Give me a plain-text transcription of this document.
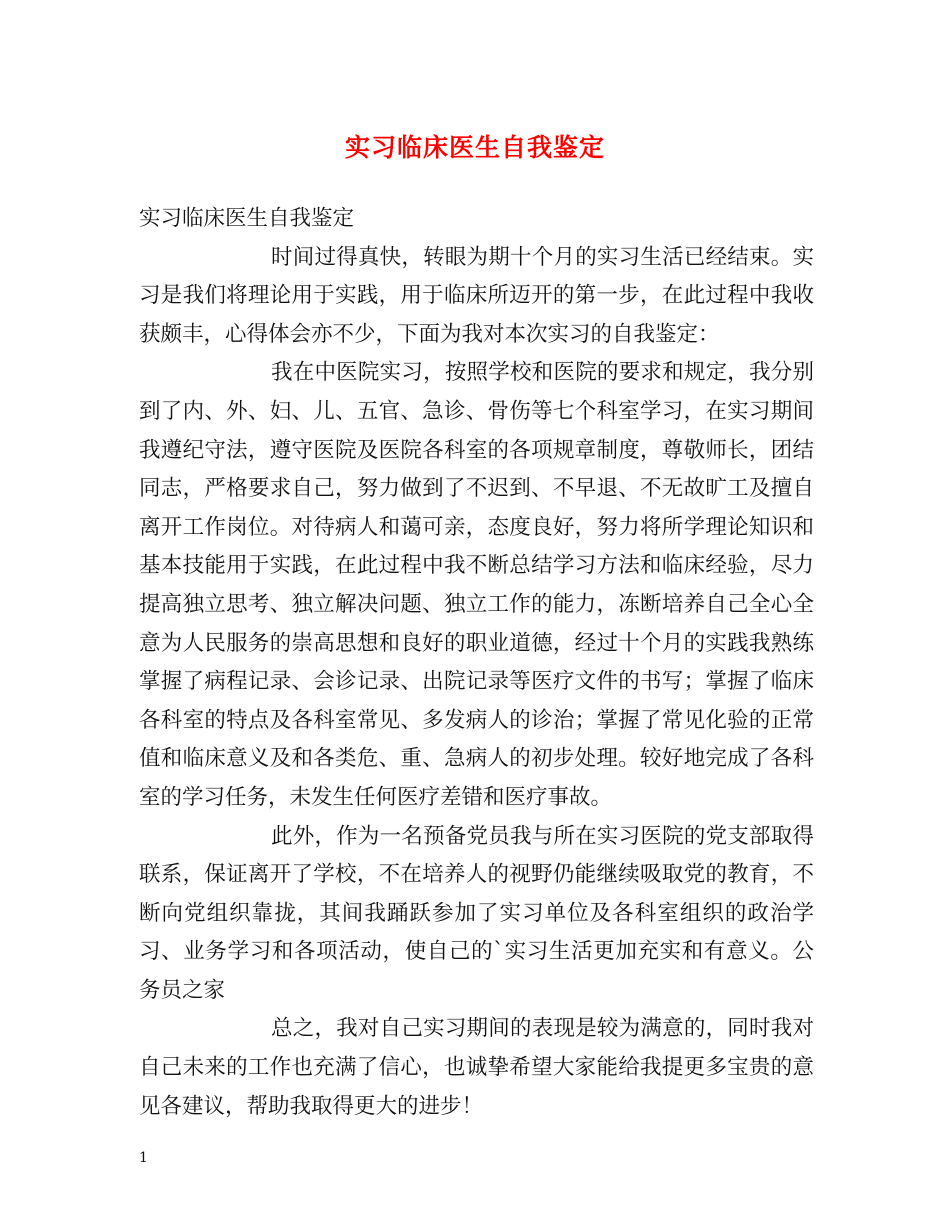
实习临床医生自我鉴定

实习临床医生自我鉴定

时间过得真快，转眼为期十个月的实习生活已经结束。实习是我们将理论用于实践，用于临床所迈开的第一步，在此过程中我收获颇丰，心得体会亦不少，下面为我对本次实习的自我鉴定：

我在中医院实习，按照学校和医院的要求和规定，我分别到了内、外、妇、儿、五官、急诊、骨伤等七个科室学习，在实习期间我遵纪守法，遵守医院及医院各科室的各项规章制度，尊敬师长，团结同志，严格要求自己，努力做到了不迟到、不早退、不无故旷工及擅自离开工作岗位。对待病人和蔼可亲，态度良好，努力将所学理论知识和基本技能用于实践，在此过程中我不断总结学习方法和临床经验，尽力提高独立思考、独立解决问题、独立工作的能力，冻断培养自己全心全意为人民服务的崇高思想和良好的职业道德，经过十个月的实践我熟练掌握了病程记录、会诊记录、出院记录等医疗文件的书写；掌握了临床各科室的特点及各科室常见、多发病人的诊治；掌握了常见化验的正常值和临床意义及和各类危、重、急病人的初步处理。较好地完成了各科室的学习任务，未发生任何医疗差错和医疗事故。

此外，作为一名预备党员我与所在实习医院的党支部取得联系，保证离开了学校，不在培养人的视野仍能继续吸取党的教育，不断向党组织靠拢，其间我踊跃参加了实习单位及各科室组织的政治学习、业务学习和各项活动，使自己的`实习生活更加充实和有意义。公务员之家

总之，我对自己实习期间的表现是较为满意的，同时我对自己未来的工作也充满了信心，也诚挚希望大家能给我提更多宝贵的意见各建议，帮助我取得更大的进步！

1
